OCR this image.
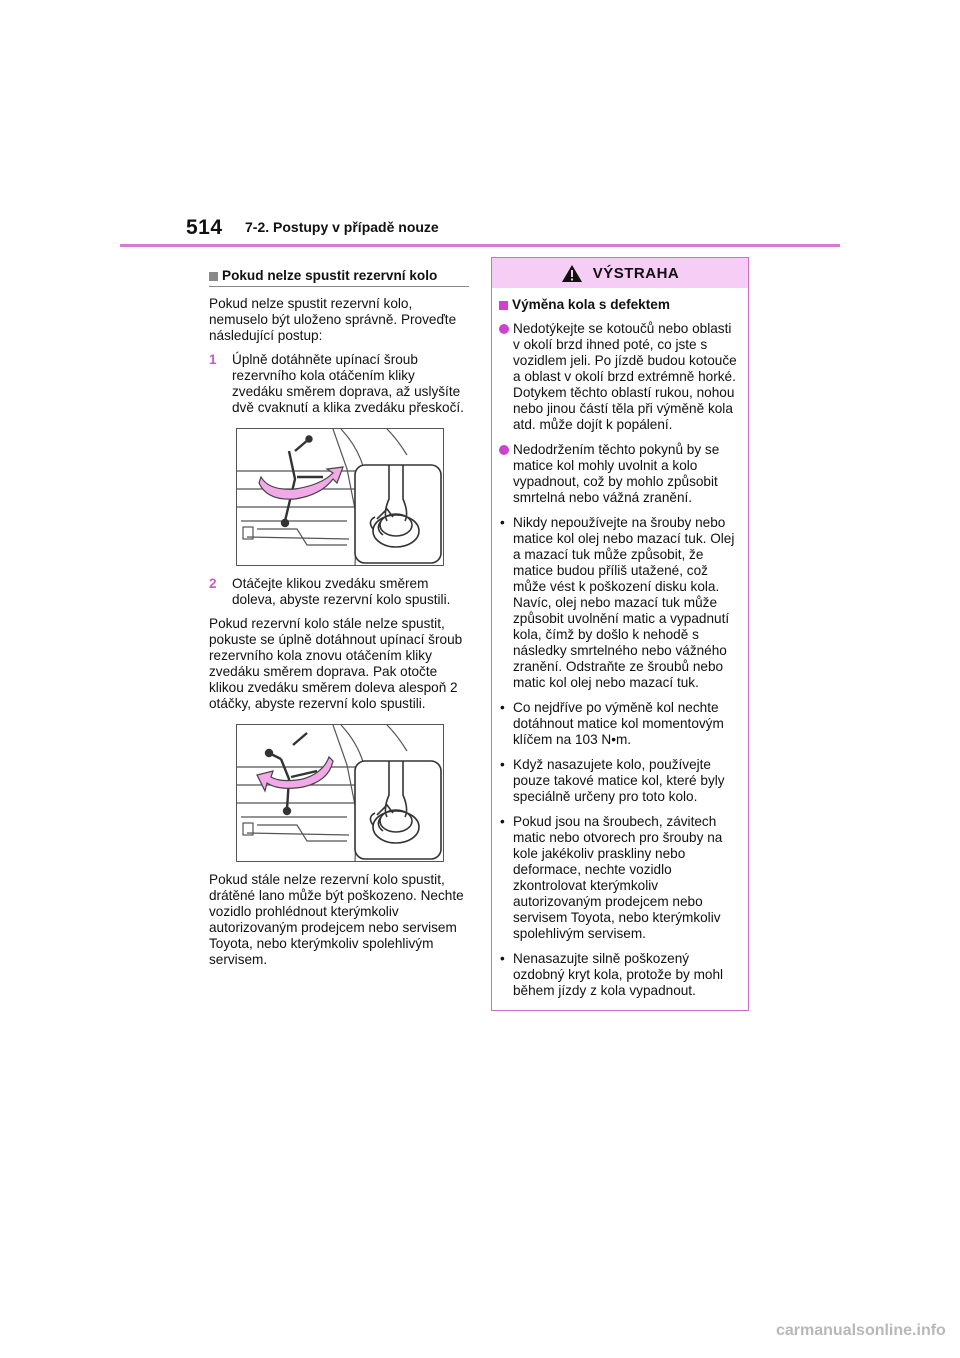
514 7-2. Postupy v případě nouze
Pokud nelze spustit rezervní kolo

Pokud nelze spustit rezervní kolo, nemuselo být uloženo správně. Proveďte následující postup:

1	Úplně dotáhněte upínací šroub rezervního kola otáčením kliky zvedáku směrem doprava, až uslyšíte dvě cvaknutí a klika zvedáku přeskočí.
2	Otáčejte klikou zvedáku směrem doleva, abyste rezervní kolo spustili.

Pokud rezervní kolo stále nelze spustit, pokuste se úplně dotáhnout upínací šroub rezervního kola znovu otáčením kliky zvedáku směrem doprava. Pak otočte klikou zvedáku směrem doleva alespoň 2 otáčky, abyste rezervní kolo spustili.

Pokud stále nelze rezervní kolo spustit, drátěné lano může být poškozeno. Nechte vozidlo prohlédnout kterýmkoliv autorizovaným prodejcem nebo servisem Toyota, nebo kterýmkoliv spolehlivým servisem.

VÝSTRAHA
Výměna kola s defektem
Nedotýkejte se kotoučů nebo oblasti v okolí brzd ihned poté, co jste s vozidlem jeli. Po jízdě budou kotouče a oblast v okolí brzd extrémně horké. Dotykem těchto oblastí rukou, nohou nebo jinou částí těla při výměně kola atd. může dojít k popálení.
Nedodržením těchto pokynů by se matice kol mohly uvolnit a kolo vypadnout, což by mohlo způsobit smrtelná nebo vážná zranění.
• Nikdy nepoužívejte na šrouby nebo matice kol olej nebo mazací tuk. Olej a mazací tuk může způsobit, že matice budou příliš utažené, což může vést k poškození disku kola. Navíc, olej nebo mazací tuk může způsobit uvolnění matic a vypadnutí kola, čímž by došlo k nehodě s následky smrtelného nebo vážného zranění. Odstraňte ze šroubů nebo matic kol olej nebo mazací tuk.
• Co nejdříve po výměně kol nechte dotáhnout matice kol momentovým klíčem na 103 N•m.
• Když nasazujete kolo, používejte pouze takové matice kol, které byly speciálně určeny pro toto kolo.
• Pokud jsou na šroubech, závitech matic nebo otvorech pro šrouby na kole jakékoliv praskliny nebo deformace, nechte vozidlo zkontrolovat kterýmkoliv autorizovaným prodejcem nebo servisem Toyota, nebo kterýmkoliv spolehlivým servisem.
• Nenasazujte silně poškozený ozdobný kryt kola, protože by mohl během jízdy z kola vypadnout.
carmanualsonline.info
